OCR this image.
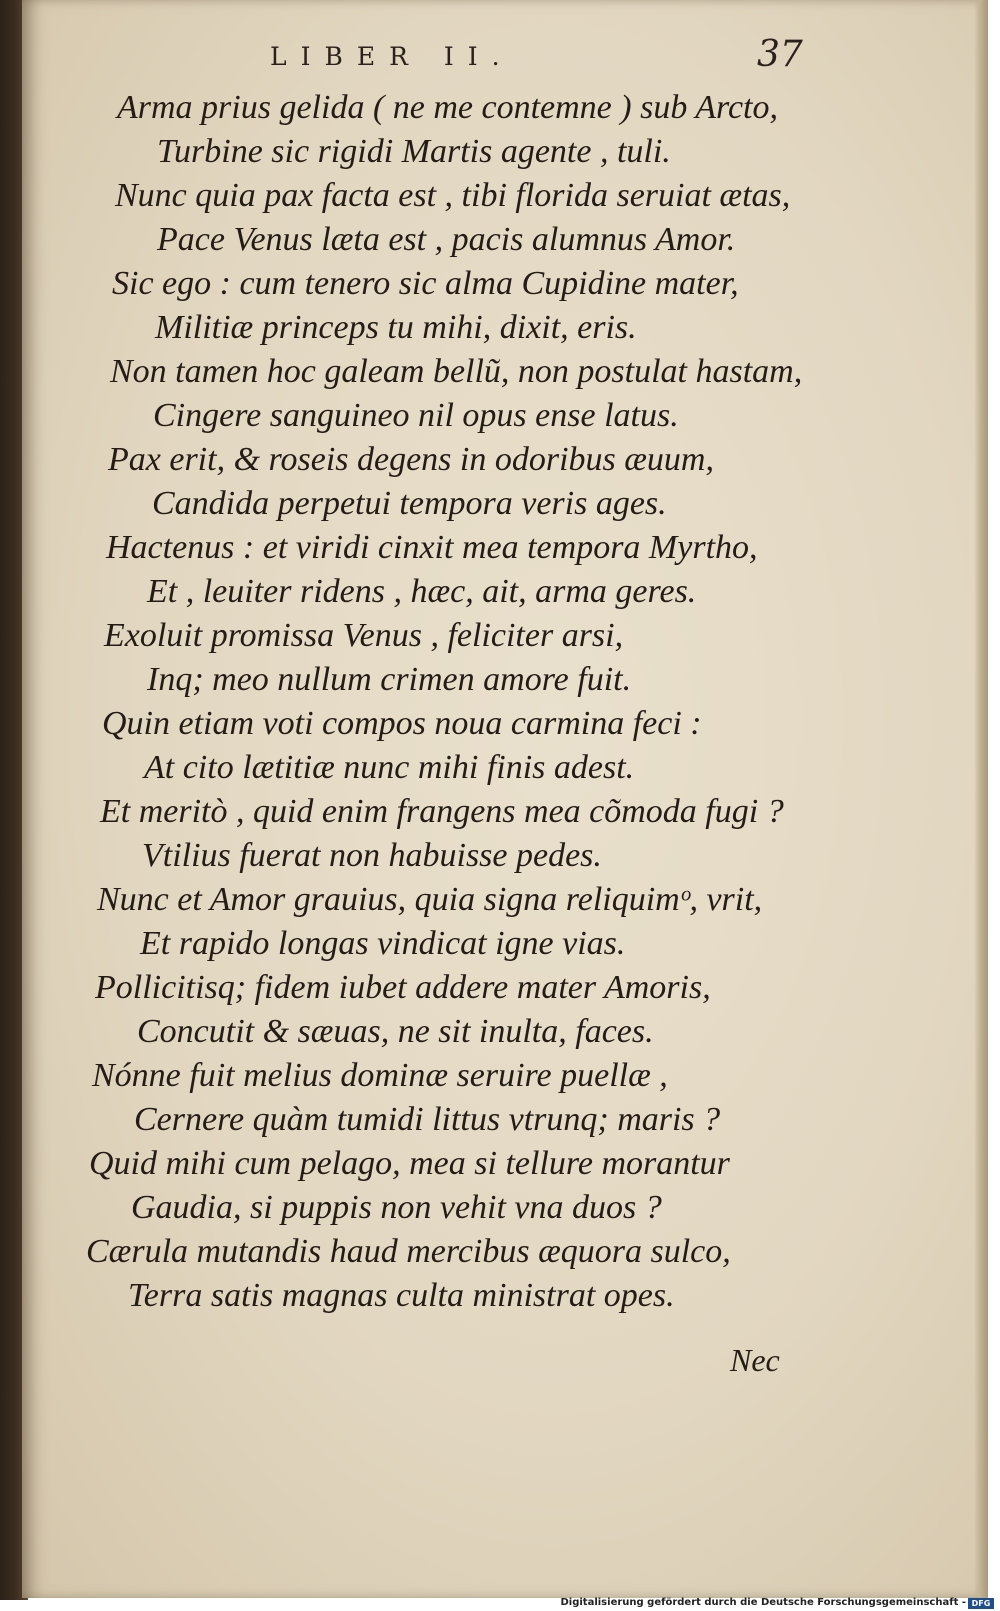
LIBER II.	37
Arma prius gelida ( ne me contemne ) sub Arcto,
Turbine sic rigidi Martis agente , tuli.
Nunc quia pax facta est , tibi florida seruiat ætas,
Pace Venus læta est , pacis alumnus Amor.
Sic ego : cum tenero sic alma Cupidine mater,
Militiæ princeps tu mihi, dixit, eris.
Non tamen hoc galeam bellũ, non postulat hastam,
Cingere sanguineo nil opus ense latus.
Pax erit, & roseis degens in odoribus æuum,
Candida perpetui tempora veris ages.
Hactenus : et viridi cinxit mea tempora Myrtho,
Et , leuiter ridens , hæc, ait, arma geres.
Exoluit promissa Venus , feliciter arsi,
Inq; meo nullum crimen amore fuit.
Quin etiam voti compos noua carmina feci :
At cito lætitiæ nunc mihi finis adest.
Et meritò , quid enim frangens mea cõmoda fugi ?
Vtilius fuerat non habuisse pedes.
Nunc et Amor grauius, quia signa reliquimᵒ, vrit,
Et rapido longas vindicat igne vias.
Pollicitisq; fidem iubet addere mater Amoris,
Concutit & sæuas, ne sit inulta, faces.
Nónne fuit melius dominæ seruire puellæ ,
Cernere quàm tumidi littus vtrunq; maris ?
Quid mihi cum pelago, mea si tellure morantur
Gaudia, si puppis non vehit vna duos ?
Cærula mutandis haud mercibus æquora sulco,
Terra satis magnas culta ministrat opes.
Nec
Digitalisierung gefördert durch die Deutsche Forschungsgemeinschaft - DFG
